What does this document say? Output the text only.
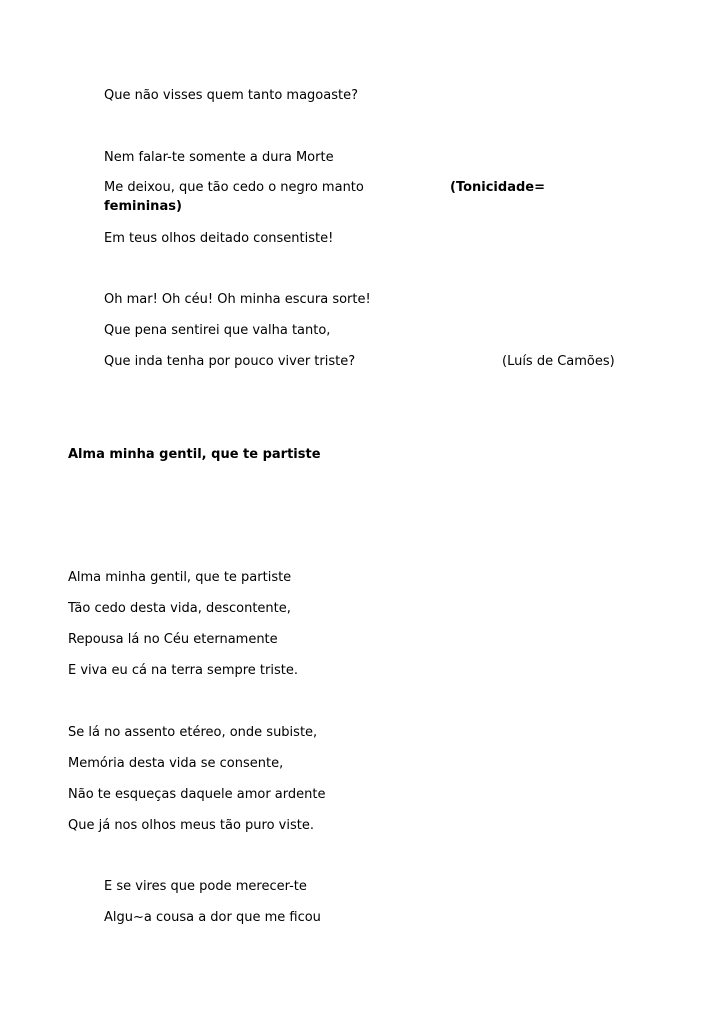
Que não visses quem tanto magoaste?

Nem falar-te somente a dura Morte

Me deixou, que tão cedo o negro manto	(Tonicidade=

femininas)

Em teus olhos deitado consentiste!

Oh mar! Oh céu! Oh minha escura sorte!

Que pena sentirei que valha tanto,

Que inda tenha por pouco viver triste?	(Luís de Camões)

Alma minha gentil, que te partiste

Alma minha gentil, que te partiste

Tão cedo desta vida, descontente,

Repousa lá no Céu eternamente

E viva eu cá na terra sempre triste.

Se lá no assento etéreo, onde subiste,

Memória desta vida se consente,

Não te esqueças daquele amor ardente

Que já nos olhos meus tão puro viste.

E se vires que pode merecer-te

Algu~a cousa a dor que me ficou
